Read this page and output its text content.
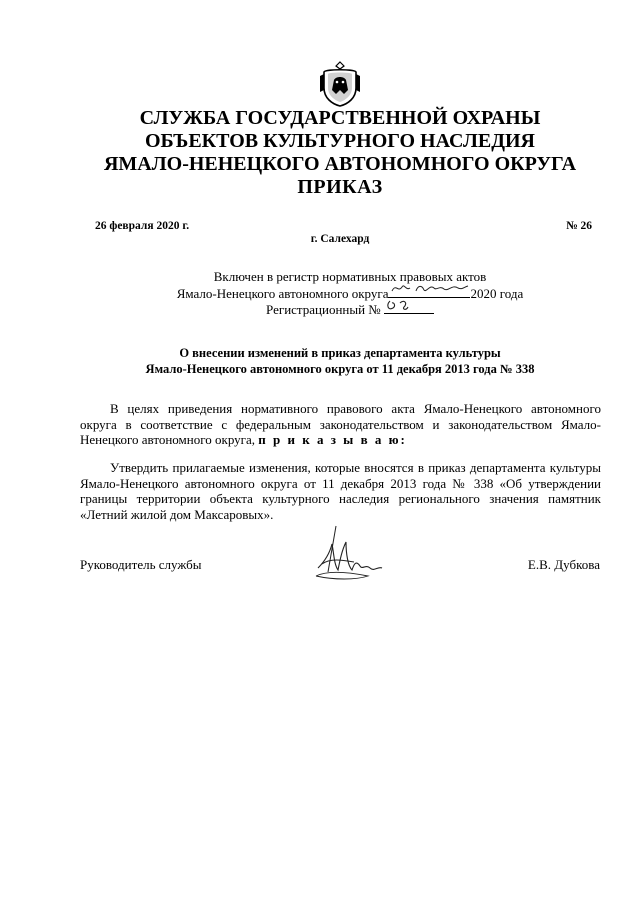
СЛУЖБА ГОСУДАРСТВЕННОЙ ОХРАНЫ
ОБЪЕКТОВ КУЛЬТУРНОГО НАСЛЕДИЯ
ЯМАЛО-НЕНЕЦКОГО АВТОНОМНОГО ОКРУГА
ПРИКАЗ
26 февраля 2020 г.	№ 26
г. Салехард
Включен в регистр нормативных правовых актов
Ямало-Ненецкого автономного округа	2020 года
Регистрационный №
О внесении изменений в приказ департамента культуры
Ямало-Ненецкого автономного округа от 11 декабря 2013 года № 338
В целях приведения нормативного правового акта Ямало-Ненецкого автономного округа в соответствие с федеральным законодательством и законодательством Ямало-Ненецкого автономного округа, п р и к а з ы в а ю:
Утвердить прилагаемые изменения, которые вносятся в приказ департамента культуры Ямало-Ненецкого автономного округа от 11 декабря 2013 года № 338 «Об утверждении границы территории объекта культурного наследия регионального значения памятник «Летний жилой дом Максаровых».
Руководитель службы	Е.В. Дубкова
